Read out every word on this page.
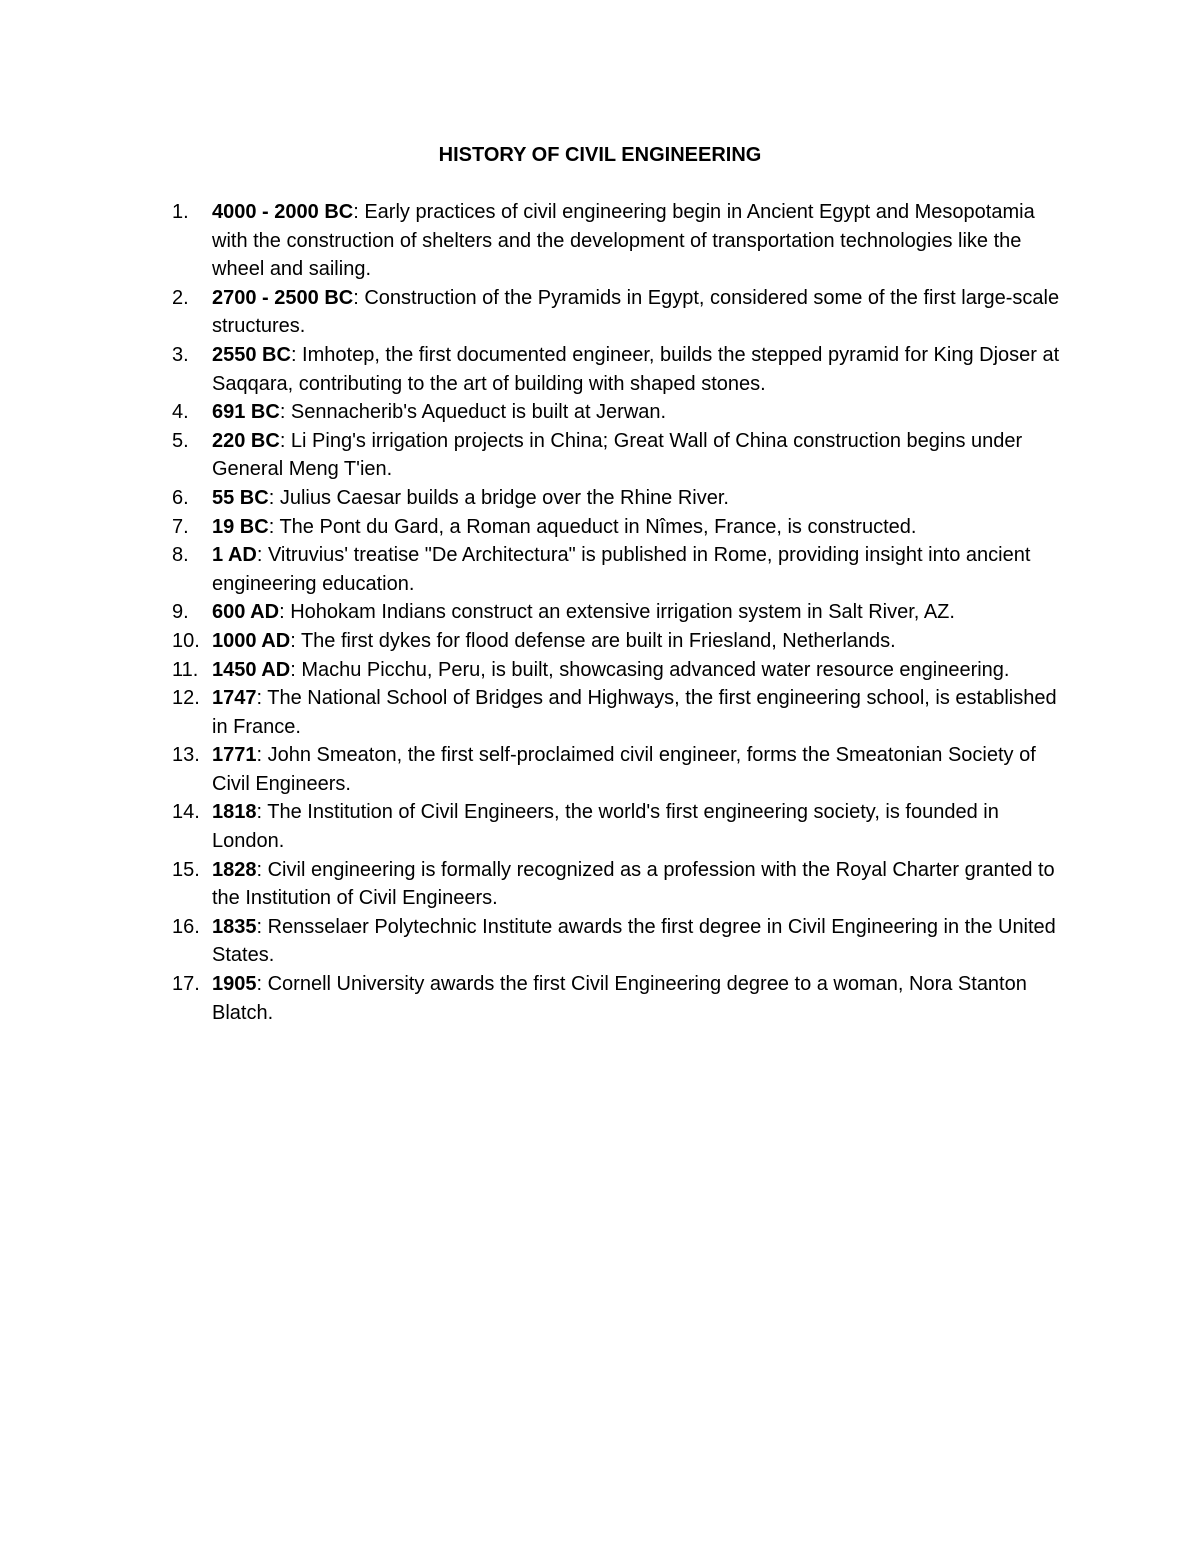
HISTORY OF CIVIL ENGINEERING
1. 4000 - 2000 BC: Early practices of civil engineering begin in Ancient Egypt and Mesopotamia with the construction of shelters and the development of transportation technologies like the wheel and sailing.
2. 2700 - 2500 BC: Construction of the Pyramids in Egypt, considered some of the first large-scale structures.
3. 2550 BC: Imhotep, the first documented engineer, builds the stepped pyramid for King Djoser at Saqqara, contributing to the art of building with shaped stones.
4. 691 BC: Sennacherib's Aqueduct is built at Jerwan.
5. 220 BC: Li Ping's irrigation projects in China; Great Wall of China construction begins under General Meng T'ien.
6. 55 BC: Julius Caesar builds a bridge over the Rhine River.
7. 19 BC: The Pont du Gard, a Roman aqueduct in Nîmes, France, is constructed.
8. 1 AD: Vitruvius' treatise "De Architectura" is published in Rome, providing insight into ancient engineering education.
9. 600 AD: Hohokam Indians construct an extensive irrigation system in Salt River, AZ.
10. 1000 AD: The first dykes for flood defense are built in Friesland, Netherlands.
11. 1450 AD: Machu Picchu, Peru, is built, showcasing advanced water resource engineering.
12. 1747: The National School of Bridges and Highways, the first engineering school, is established in France.
13. 1771: John Smeaton, the first self-proclaimed civil engineer, forms the Smeatonian Society of Civil Engineers.
14. 1818: The Institution of Civil Engineers, the world's first engineering society, is founded in London.
15. 1828: Civil engineering is formally recognized as a profession with the Royal Charter granted to the Institution of Civil Engineers.
16. 1835: Rensselaer Polytechnic Institute awards the first degree in Civil Engineering in the United States.
17. 1905: Cornell University awards the first Civil Engineering degree to a woman, Nora Stanton Blatch.
